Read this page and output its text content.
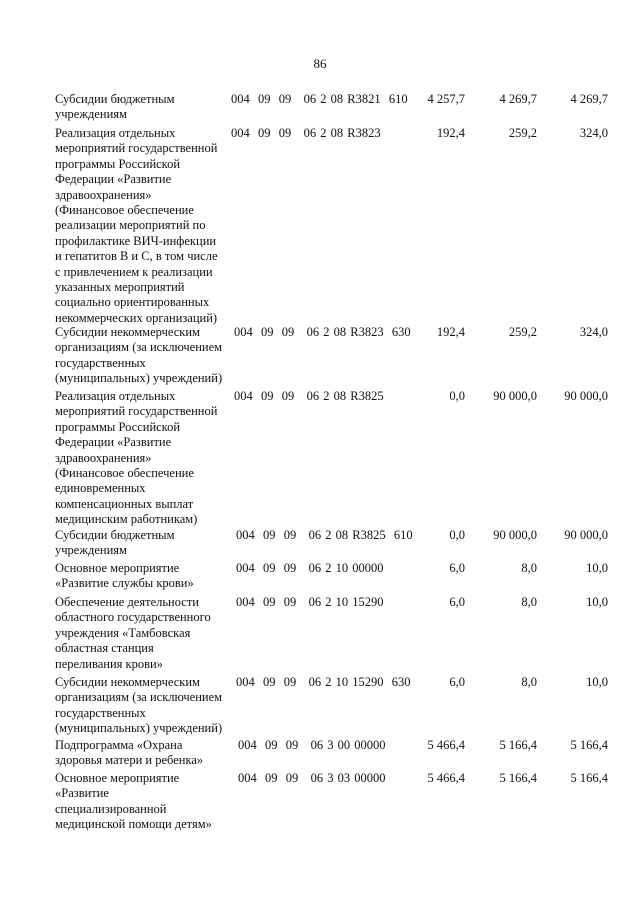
86
Субсидии бюджетным
учреждениям
004  09  09   06 2 08 R3821  610	4 257,7	4 269,7	4 269,7
Реализация отдельных
мероприятий государственной
программы Российской
Федерации «Развитие
здравоохранения»
(Финансовое обеспечение
реализации мероприятий по
профилактике ВИЧ-инфекции
и гепатитов В и С, в том числе
с привлечением к реализации
указанных мероприятий
социально ориентированных
некоммерческих организаций)
004  09  09   06 2 08 R3823	192,4	259,2	324,0
Субсидии некоммерческим
организациям (за исключением
государственных
(муниципальных) учреждений)
004  09  09   06 2 08 R3823  630	192,4	259,2	324,0
Реализация отдельных
мероприятий государственной
программы Российской
Федерации «Развитие
здравоохранения»
(Финансовое обеспечение
единовременных
компенсационных выплат
медицинским работникам)
004  09  09   06 2 08 R3825	0,0	90 000,0	90 000,0
Субсидии бюджетным
учреждениям
004  09  09   06 2 08 R3825  610	0,0	90 000,0	90 000,0
Основное мероприятие
«Развитие службы крови»
004  09  09   06 2 10 00000	6,0	8,0	10,0
Обеспечение деятельности
областного государственного
учреждения «Тамбовская
областная станция
переливания крови»
004  09  09   06 2 10 15290	6,0	8,0	10,0
Субсидии некоммерческим
организациям (за исключением
государственных
(муниципальных) учреждений)
004  09  09   06 2 10 15290  630	6,0	8,0	10,0
Подпрограмма «Охрана
здоровья матери и ребенка»
004  09  09   06 3 00 00000	5 466,4	5 166,4	5 166,4
Основное мероприятие
«Развитие
специализированной
медицинской помощи детям»
004  09  09   06 3 03 00000	5 466,4	5 166,4	5 166,4
